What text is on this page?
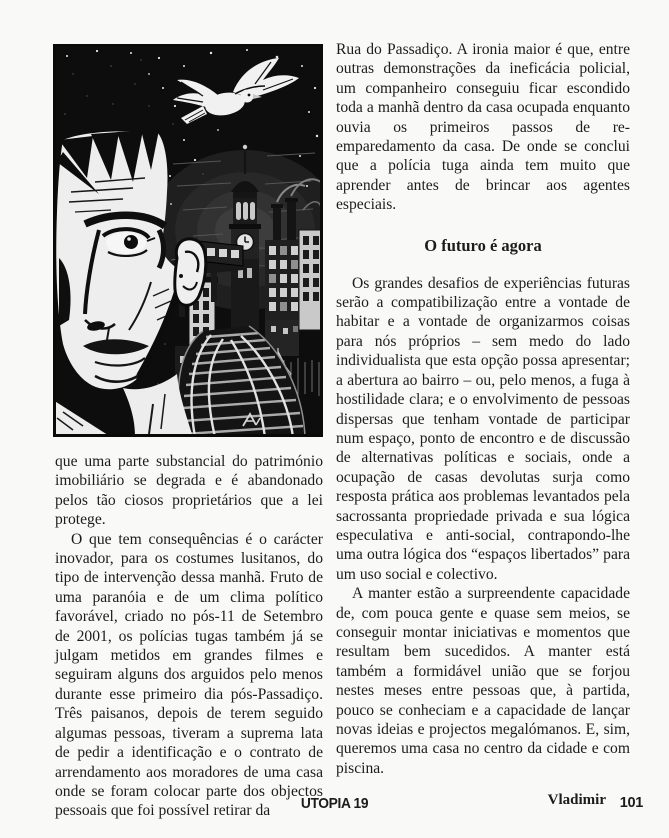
que uma parte substancial do património imobiliário se degrada e é abandonado pelos tão ciosos proprietários que a lei protege.

O que tem consequências é o carácter inovador, para os costumes lusitanos, do tipo de intervenção dessa manhã. Fruto de uma paranóia e de um clima político favorável, criado no pós-11 de Setembro de 2001, os polícias tugas também já se julgam metidos em grandes filmes e seguiram alguns dos arguidos pelo menos durante esse primeiro dia pós-Passadiço. Três paisanos, depois de terem seguido algumas pessoas, tiveram a suprema lata de pedir a identificação e o contrato de arrendamento aos moradores de uma casa onde se foram colocar parte dos objectos pessoais que foi possível retirar da

Rua do Passadiço. A ironia maior é que, entre outras demonstrações da ineficácia policial, um companheiro conseguiu ficar escondido toda a manhã dentro da casa ocupada enquanto ouvia os primeiros passos de re-emparedamento da casa. De onde se conclui que a polícia tuga ainda tem muito que aprender antes de brincar aos agentes especiais.

O futuro é agora

Os grandes desafios de experiências futuras serão a compatibilização entre a vontade de habitar e a vontade de organizarmos coisas para nós próprios – sem medo do lado individualista que esta opção possa apresentar; a abertura ao bairro – ou, pelo menos, a fuga à hostilidade clara; e o envolvimento de pessoas dispersas que tenham vontade de participar num espaço, ponto de encontro e de discussão de alternativas políticas e sociais, onde a ocupação de casas devolutas surja como resposta prática aos problemas levantados pela sacrossanta propriedade privada e sua lógica especulativa e anti-social, contrapondo-lhe uma outra lógica dos “espaços libertados” para um uso social e colectivo.

A manter estão a surpreendente capacidade de, com pouca gente e quase sem meios, se conseguir montar iniciativas e momentos que resultam bem sucedidos. A manter está também a formidável união que se forjou nestes meses entre pessoas que, à partida, pouco se conheciam e a capacidade de lançar novas ideias e projectos megalómanos. E, sim, queremos uma casa no centro da cidade e com piscina.

Vladimir
UTOPIA 19	101
